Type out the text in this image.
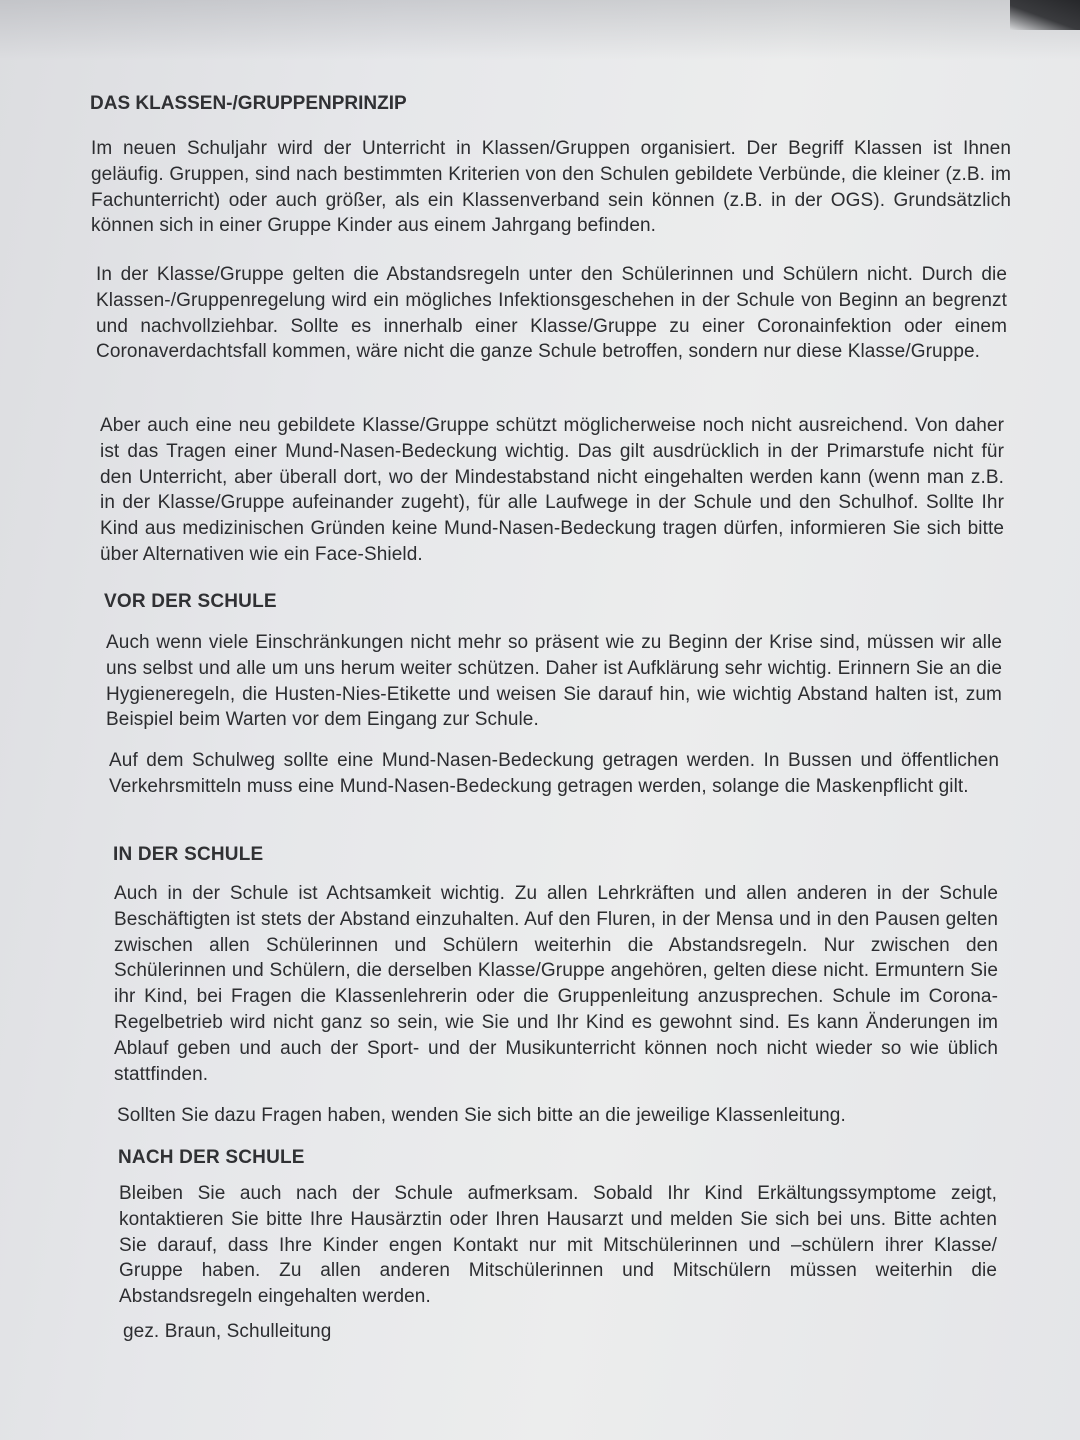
DAS KLASSEN-/GRUPPENPRINZIP

Im neuen Schuljahr wird der Unterricht in Klassen/Gruppen organisiert. Der Begriff Klassen ist Ihnen geläufig. Gruppen, sind nach bestimmten Kriterien von den Schulen gebildete Verbünde, die kleiner (z.B. im Fachunterricht) oder auch größer, als ein Klassenverband sein können (z.B. in der OGS). Grundsätzlich können sich in einer Gruppe Kinder aus einem Jahrgang befinden.

In der Klasse/Gruppe gelten die Abstandsregeln unter den Schülerinnen und Schülern nicht. Durch die Klassen-/Gruppenregelung wird ein mögliches Infektionsgeschehen in der Schule von Beginn an begrenzt und nachvollziehbar. Sollte es innerhalb einer Klasse/Gruppe zu einer Coronainfektion oder einem Coronaverdachtsfall kommen, wäre nicht die ganze Schule betroffen, sondern nur diese Klasse/Gruppe.

Aber auch eine neu gebildete Klasse/Gruppe schützt möglicherweise noch nicht ausreichend. Von daher ist das Tragen einer Mund-Nasen-Bedeckung wichtig. Das gilt ausdrücklich in der Primarstufe nicht für den Unterricht, aber überall dort, wo der Mindestabstand nicht eingehalten werden kann (wenn man z.B. in der Klasse/Gruppe aufeinander zugeht), für alle Laufwege in der Schule und den Schulhof. Sollte Ihr Kind aus medizinischen Gründen keine Mund-Nasen-Bedeckung tragen dürfen, informieren Sie sich bitte über Alternativen wie ein Face-Shield.

VOR DER SCHULE

Auch wenn viele Einschränkungen nicht mehr so präsent wie zu Beginn der Krise sind, müssen wir alle uns selbst und alle um uns herum weiter schützen. Daher ist Aufklärung sehr wichtig. Erinnern Sie an die Hygieneregeln, die Husten-Nies-Etikette und weisen Sie darauf hin, wie wichtig Abstand halten ist, zum Beispiel beim Warten vor dem Eingang zur Schule.

Auf dem Schulweg sollte eine Mund-Nasen-Bedeckung getragen werden. In Bussen und öffentlichen Verkehrsmitteln muss eine Mund-Nasen-Bedeckung getragen werden, solange die Maskenpflicht gilt.

IN DER SCHULE

Auch in der Schule ist Achtsamkeit wichtig. Zu allen Lehrkräften und allen anderen in der Schule Beschäftigten ist stets der Abstand einzuhalten. Auf den Fluren, in der Mensa und in den Pausen gelten zwischen allen Schülerinnen und Schülern weiterhin die Abstandsregeln. Nur zwischen den Schülerinnen und Schülern, die derselben Klasse/Gruppe angehören, gelten diese nicht. Ermuntern Sie ihr Kind, bei Fragen die Klassenlehrerin oder die Gruppenleitung anzusprechen. Schule im Corona-Regelbetrieb wird nicht ganz so sein, wie Sie und Ihr Kind es gewohnt sind. Es kann Änderungen im Ablauf geben und auch der Sport- und der Musikunterricht können noch nicht wieder so wie üblich stattfinden.

Sollten Sie dazu Fragen haben, wenden Sie sich bitte an die jeweilige Klassenleitung.

NACH DER SCHULE

Bleiben Sie auch nach der Schule aufmerksam. Sobald Ihr Kind Erkältungssymptome zeigt, kontaktieren Sie bitte Ihre Hausärztin oder Ihren Hausarzt und melden Sie sich bei uns. Bitte achten Sie darauf, dass Ihre Kinder engen Kontakt nur mit Mitschülerinnen und –schülern ihrer Klasse/ Gruppe haben. Zu allen anderen Mitschülerinnen und Mitschülern müssen weiterhin die Abstandsregeln eingehalten werden.

gez. Braun, Schulleitung
